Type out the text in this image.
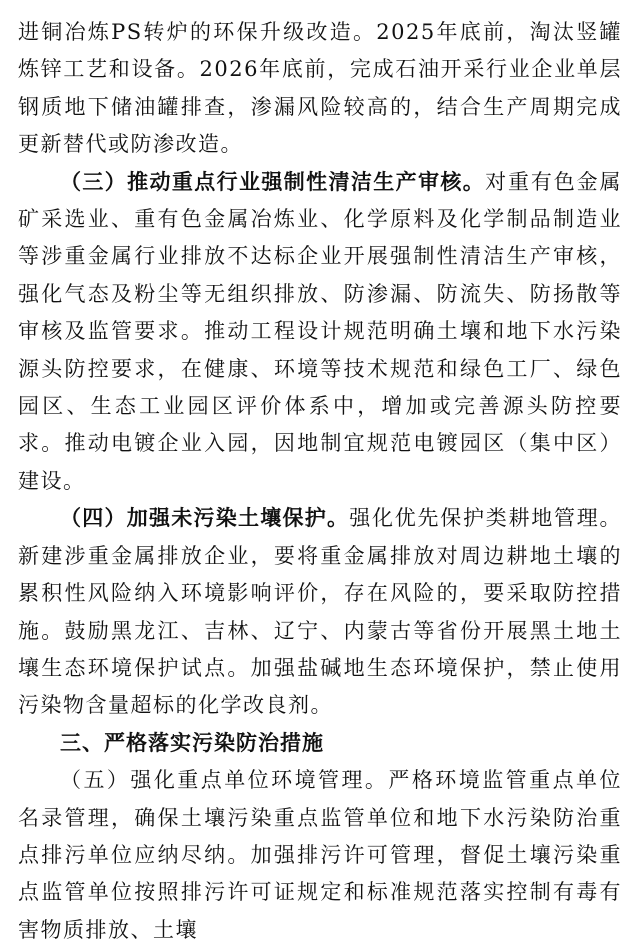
进铜冶炼PS转炉的环保升级改造。2025年底前，淘汰竖罐炼锌工艺和设备。2026年底前，完成石油开采行业企业单层钢质地下储油罐排查，渗漏风险较高的，结合生产周期完成更新替代或防渗改造。

（三）推动重点行业强制性清洁生产审核。对重有色金属矿采选业、重有色金属冶炼业、化学原料及化学制品制造业等涉重金属行业排放不达标企业开展强制性清洁生产审核，强化气态及粉尘等无组织排放、防渗漏、防流失、防扬散等审核及监管要求。推动工程设计规范明确土壤和地下水污染源头防控要求，在健康、环境等技术规范和绿色工厂、绿色园区、生态工业园区评价体系中，增加或完善源头防控要求。推动电镀企业入园，因地制宜规范电镀园区（集中区）建设。

（四）加强未污染土壤保护。强化优先保护类耕地管理。新建涉重金属排放企业，要将重金属排放对周边耕地土壤的累积性风险纳入环境影响评价，存在风险的，要采取防控措施。鼓励黑龙江、吉林、辽宁、内蒙古等省份开展黑土地土壤生态环境保护试点。加强盐碱地生态环境保护，禁止使用污染物含量超标的化学改良剂。

三、严格落实污染防治措施

（五）强化重点单位环境管理。严格环境监管重点单位名录管理，确保土壤污染重点监管单位和地下水污染防治重点排污单位应纳尽纳。加强排污许可管理，督促土壤污染重点监管单位按照排污许可证规定和标准规范落实控制有毒有害物质排放、土壤
